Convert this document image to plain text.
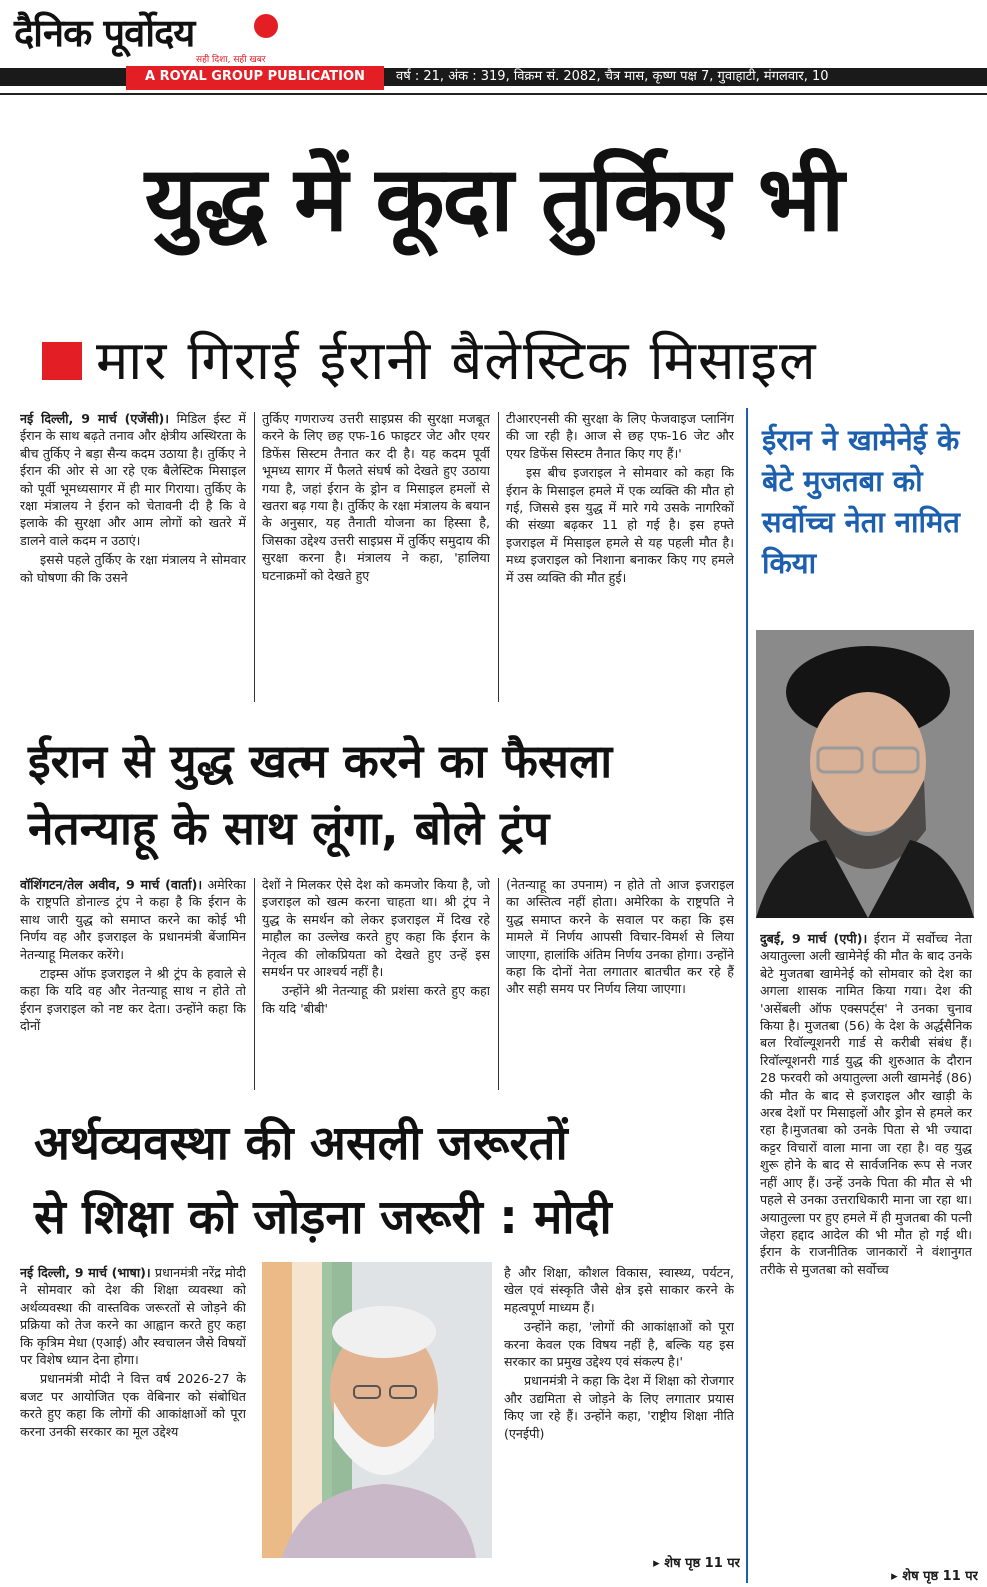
दैनिक पूर्वोदय
सही दिशा, सही खबर
A ROYAL GROUP PUBLICATION	वर्ष : 21, अंक : 319, विक्रम सं. 2082, चैत्र मास, कृष्ण पक्ष 7, गुवाहाटी, मंगलवार, 10
युद्ध में कूदा तुर्किए भी
मार गिराई ईरानी बैलेस्टिक मिसाइल

नई दिल्ली, 9 मार्च (एजेंसी)। मिडिल ईस्ट में ईरान के साथ बढ़ते तनाव और क्षेत्रीय अस्थिरता के बीच तुर्किए ने बड़ा सैन्य कदम उठाया है। तुर्किए ने ईरान की ओर से आ रहे एक बैलेस्टिक मिसाइल को पूर्वी भूमध्यसागर में ही मार गिराया। तुर्किए के रक्षा मंत्रालय ने ईरान को चेतावनी दी है कि वे इलाके की सुरक्षा और आम लोगों को खतरे में डालने वाले कदम न उठाएं।

इससे पहले तुर्किए के रक्षा मंत्रालय ने सोमवार को घोषणा की कि उसने

तुर्किए गणराज्य उत्तरी साइप्रस की सुरक्षा मजबूत करने के लिए छह एफ-16 फाइटर जेट और एयर डिफेंस सिस्टम तैनात कर दी है। यह कदम पूर्वी भूमध्य सागर में फैलते संघर्ष को देखते हुए उठाया गया है, जहां ईरान के ड्रोन व मिसाइल हमलों से खतरा बढ़ गया है। तुर्किए के रक्षा मंत्रालय के बयान के अनुसार, यह तैनाती योजना का हिस्सा है, जिसका उद्देश्य उत्तरी साइप्रस में तुर्किए समुदाय की सुरक्षा करना है। मंत्रालय ने कहा, 'हालिया घटनाक्रमों को देखते हुए

टीआरएनसी की सुरक्षा के लिए फेजवाइज प्लानिंग की जा रही है। आज से छह एफ-16 जेट और एयर डिफेंस सिस्टम तैनात किए गए हैं।'

इस बीच इजराइल ने सोमवार को कहा कि ईरान के मिसाइल हमले में एक व्यक्ति की मौत हो गई, जिससे इस युद्ध में मारे गये उसके नागरिकों की संख्या बढ़कर 11 हो गई है। इस हफ्ते इजराइल में मिसाइल हमले से यह पहली मौत है। मध्य इजराइल को निशाना बनाकर किए गए हमले में उस व्यक्ति की मौत हुई।

ईरान से युद्ध खत्म करने का फैसला
नेतन्याहू के साथ लूंगा, बोले ट्रंप

वॉशिंगटन/तेल अवीव, 9 मार्च (वार्ता)। अमेरिका के राष्ट्रपति डोनाल्ड ट्रंप ने कहा है कि ईरान के साथ जारी युद्ध को समाप्त करने का कोई भी निर्णय वह और इजराइल के प्रधानमंत्री बेंजामिन नेतन्याहू मिलकर करेंगे।

टाइम्स ऑफ इजराइल ने श्री ट्रंप के हवाले से कहा कि यदि वह और नेतन्याहू साथ न होते तो ईरान इजराइल को नष्ट कर देता। उन्होंने कहा कि दोनों

देशों ने मिलकर ऐसे देश को कमजोर किया है, जो इजराइल को खत्म करना चाहता था। श्री ट्रंप ने युद्ध के समर्थन को लेकर इजराइल में दिख रहे माहौल का उल्लेख करते हुए कहा कि ईरान के नेतृत्व की लोकप्रियता को देखते हुए उन्हें इस समर्थन पर आश्चर्य नहीं है।

उन्होंने श्री नेतन्याहू की प्रशंसा करते हुए कहा कि यदि 'बीबी'

(नेतन्याहू का उपनाम) न होते तो आज इजराइल का अस्तित्व नहीं होता। अमेरिका के राष्ट्रपति ने युद्ध समाप्त करने के सवाल पर कहा कि इस मामले में निर्णय आपसी विचार-विमर्श से लिया जाएगा, हालांकि अंतिम निर्णय उनका होगा। उन्होंने कहा कि दोनों नेता लगातार बातचीत कर रहे हैं और सही समय पर निर्णय लिया जाएगा।

अर्थव्यवस्था की असली जरूरतों
से शिक्षा को जोड़ना जरूरी : मोदी

नई दिल्ली, 9 मार्च (भाषा)। प्रधानमंत्री नरेंद्र मोदी ने सोमवार को देश की शिक्षा व्यवस्था को अर्थव्यवस्था की वास्तविक जरूरतों से जोड़ने की प्रक्रिया को तेज करने का आह्वान करते हुए कहा कि कृत्रिम मेधा (एआई) और स्वचालन जैसे विषयों पर विशेष ध्यान देना होगा।

प्रधानमंत्री मोदी ने वित्त वर्ष 2026-27 के बजट पर आयोजित एक वेबिनार को संबोधित करते हुए कहा कि लोगों की आकांक्षाओं को पूरा करना उनकी सरकार का मूल उद्देश्य

है और शिक्षा, कौशल विकास, स्वास्थ्य, पर्यटन, खेल एवं संस्कृति जैसे क्षेत्र इसे साकार करने के महत्वपूर्ण माध्यम हैं।

उन्होंने कहा, 'लोगों की आकांक्षाओं को पूरा करना केवल एक विषय नहीं है, बल्कि यह इस सरकार का प्रमुख उद्देश्य एवं संकल्प है।'

प्रधानमंत्री ने कहा कि देश में शिक्षा को रोजगार और उद्यमिता से जोड़ने के लिए लगातार प्रयास किए जा रहे हैं। उन्होंने कहा, 'राष्ट्रीय शिक्षा नीति (एनईपी)

▸ शेष पृष्ठ 11 पर
ईरान ने खामेनेई के बेटे मुजतबा को सर्वोच्च नेता नामित किया

दुबई, 9 मार्च (एपी)। ईरान में सर्वोच्च नेता अयातुल्ला अली खामेनेई की मौत के बाद उनके बेटे मुजतबा खामेनेई को सोमवार को देश का अगला शासक नामित किया गया। देश की 'असेंबली ऑफ एक्सपर्ट्स' ने उनका चुनाव किया है। मुजतबा (56) के देश के अर्द्धसैनिक बल रिवॉल्यूशनरी गार्ड से करीबी संबंध हैं। रिवॉल्यूशनरी गार्ड युद्ध की शुरुआत के दौरान 28 फरवरी को अयातुल्ला अली खामनेई (86) की मौत के बाद से इजराइल और खाड़ी के अरब देशों पर मिसाइलों और ड्रोन से हमले कर रहा है।मुजतबा को उनके पिता से भी ज्यादा कट्टर विचारों वाला माना जा रहा है। वह युद्ध शुरू होने के बाद से सार्वजनिक रूप से नजर नहीं आए हैं। उन्हें उनके पिता की मौत से भी पहले से उनका उत्तराधिकारी माना जा रहा था।अयातुल्ला पर हुए हमले में ही मुजतबा की पत्नी जेहरा हद्दाद आदेल की भी मौत हो गई थी। ईरान के राजनीतिक जानकारों ने वंशानुगत तरीके से मुजतबा को सर्वोच्च

▸ शेष पृष्ठ 11 पर
